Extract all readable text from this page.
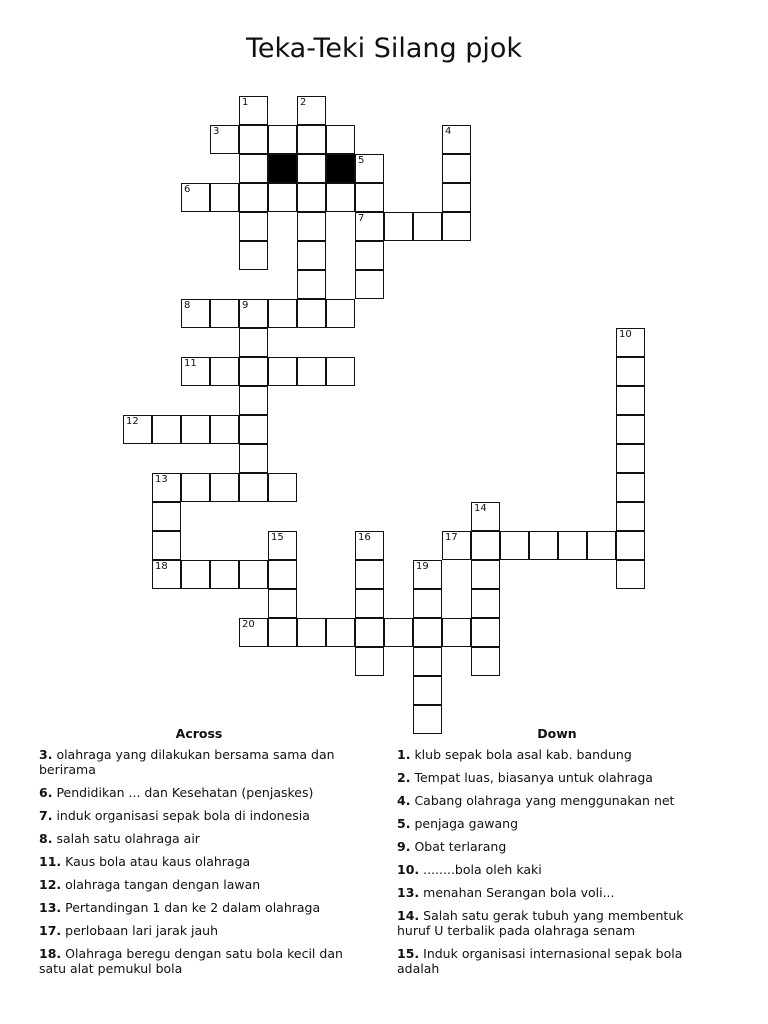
Teka-Teki Silang pjok
1	2
3	4
5
6
7
8	9
10
11
12
13
14
15	16	17
18	19
20
Across
3. olahraga yang dilakukan bersama sama dan berirama
6. Pendidikan ... dan Kesehatan (penjaskes)
7. induk organisasi sepak bola di indonesia
8. salah satu olahraga air
11. Kaus bola atau kaus olahraga
12. olahraga tangan dengan lawan
13. Pertandingan 1 dan ke 2 dalam olahraga
17. perlobaan lari jarak jauh
18. Olahraga beregu dengan satu bola kecil dan satu alat pemukul bola
Down
1. klub sepak bola asal kab. bandung
2. Tempat luas, biasanya untuk olahraga
4. Cabang olahraga yang menggunakan net
5. penjaga gawang
9. Obat terlarang
10. ........bola oleh kaki
13. menahan Serangan bola voli...
14. Salah satu gerak tubuh yang membentuk huruf U terbalik pada olahraga senam
15. Induk organisasi internasional sepak bola adalah
